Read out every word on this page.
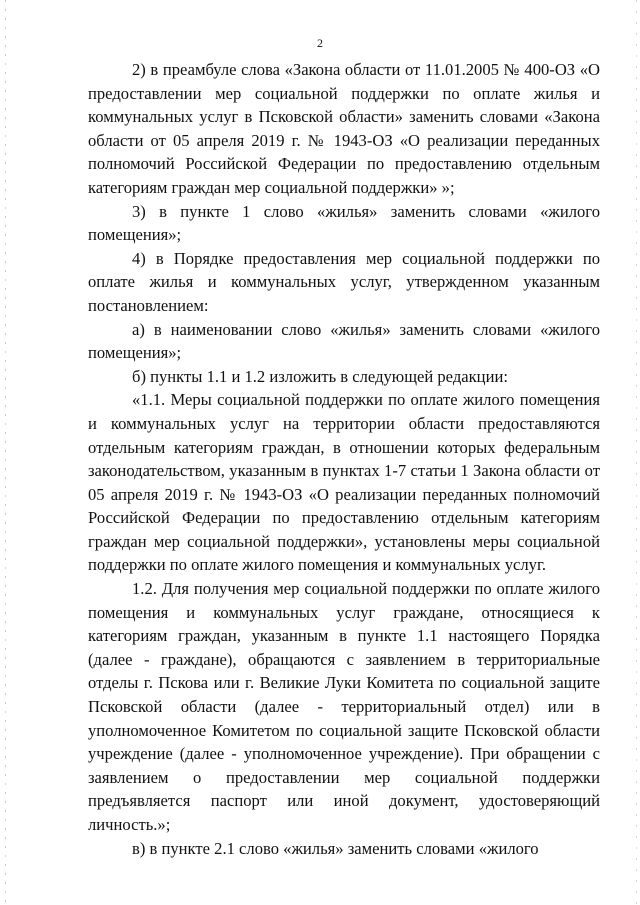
2

2) в преамбуле слова «Закона области от 11.01.2005 № 400-ОЗ «О предоставлении мер социальной поддержки по оплате жилья и коммунальных услуг в Псковской области» заменить словами «Закона области от 05 апреля 2019 г. № 1943-ОЗ «О реализации переданных полномочий Российской Федерации по предоставлению отдельным категориям граждан мер социальной поддержки» »;

3) в пункте 1 слово «жилья» заменить словами «жилого помещения»;

4) в Порядке предоставления мер социальной поддержки по оплате жилья и коммунальных услуг, утвержденном указанным постановлением:

а) в наименовании слово «жилья» заменить словами «жилого помещения»;

б) пункты 1.1 и 1.2 изложить в следующей редакции:

«1.1. Меры социальной поддержки по оплате жилого помещения и коммунальных услуг на территории области предоставляются отдельным категориям граждан, в отношении которых федеральным законодательством, указанным в пунктах 1-7 статьи 1 Закона области от 05 апреля 2019 г. № 1943-ОЗ «О реализации переданных полномочий Российской Федерации по предоставлению отдельным категориям граждан мер социальной поддержки», установлены меры социальной поддержки по оплате жилого помещения и коммунальных услуг.

1.2. Для получения мер социальной поддержки по оплате жилого помещения и коммунальных услуг граждане, относящиеся к категориям граждан, указанным в пункте 1.1 настоящего Порядка (далее - граждане), обращаются с заявлением в территориальные отделы г. Пскова или г. Великие Луки Комитета по социальной защите Псковской области (далее - территориальный отдел) или в уполномоченное Комитетом по социальной защите Псковской области учреждение (далее - уполномоченное учреждение). При обращении с заявлением о предоставлении мер социальной поддержки предъявляется паспорт или иной документ, удостоверяющий личность.»;

в) в пункте 2.1 слово «жилья» заменить словами «жилого
